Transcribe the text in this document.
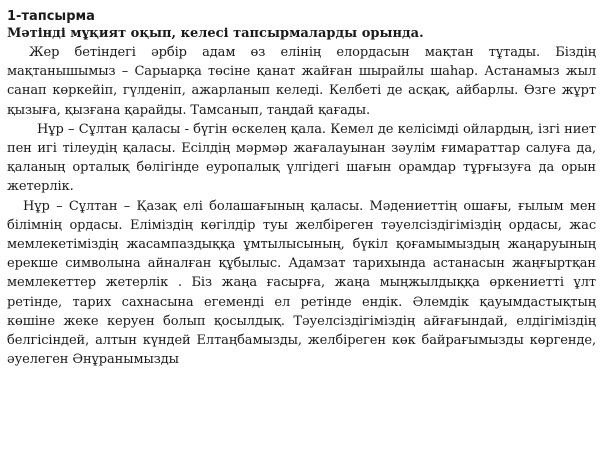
1-тапсырма

Мәтінді мұқият оқып, келесі тапсырмаларды орында.

Жер бетіндегі әрбір адам өз елінің елордасын мақтан тұтады. Біздің мақтанышымыз – Сарыарқа төсіне қанат жайған шырайлы шаһар. Астанамыз жыл санап көркейіп, гүлденіп, ажарланып келеді. Келбеті де асқақ, айбарлы. Өзге жұрт қызыға, қызғана қарайды. Тамсанып, таңдай қағады.

Нұр – Сұлтан қаласы - бүгін өскелең қала. Кемел де келісімді ойлардың, ізгі ниет пен игі тілеудің қаласы. Есілдің мәрмәр жағалауынан зәулім ғимараттар салуға да, қаланың орталық бөлігінде еуропалық үлгідегі шағын орамдар тұрғызуға да орын жетерлік.

Нұр – Сұлтан – Қазақ елі болашағының қаласы. Мәдениеттің ошағы, ғылым мен білімнің ордасы. Еліміздің көгілдір туы желбіреген тәуелсіздігіміздің ордасы, жас мемлекетіміздің жасампаздыққа ұмтылысының, бүкіл қоғамымыздың жаңаруының ерекше символына айналған құбылыс. Адамзат тарихында астанасын жаңғыртқан мемлекеттер жетерлік . Біз жаңа ғасырға, жаңа мыңжылдыққа өркениетті ұлт ретінде, тарих сахнасына егеменді ел ретінде ендік. Әлемдік қауымдастықтың көшіне жеке керуен болып қосылдық. Тәуелсіздігіміздің айғағындай, елдігіміздің белгісіндей, алтын күндей Елтаңбамызды, желбіреген көк байрағымызды көргенде, әуелеген Әнұранымызды
